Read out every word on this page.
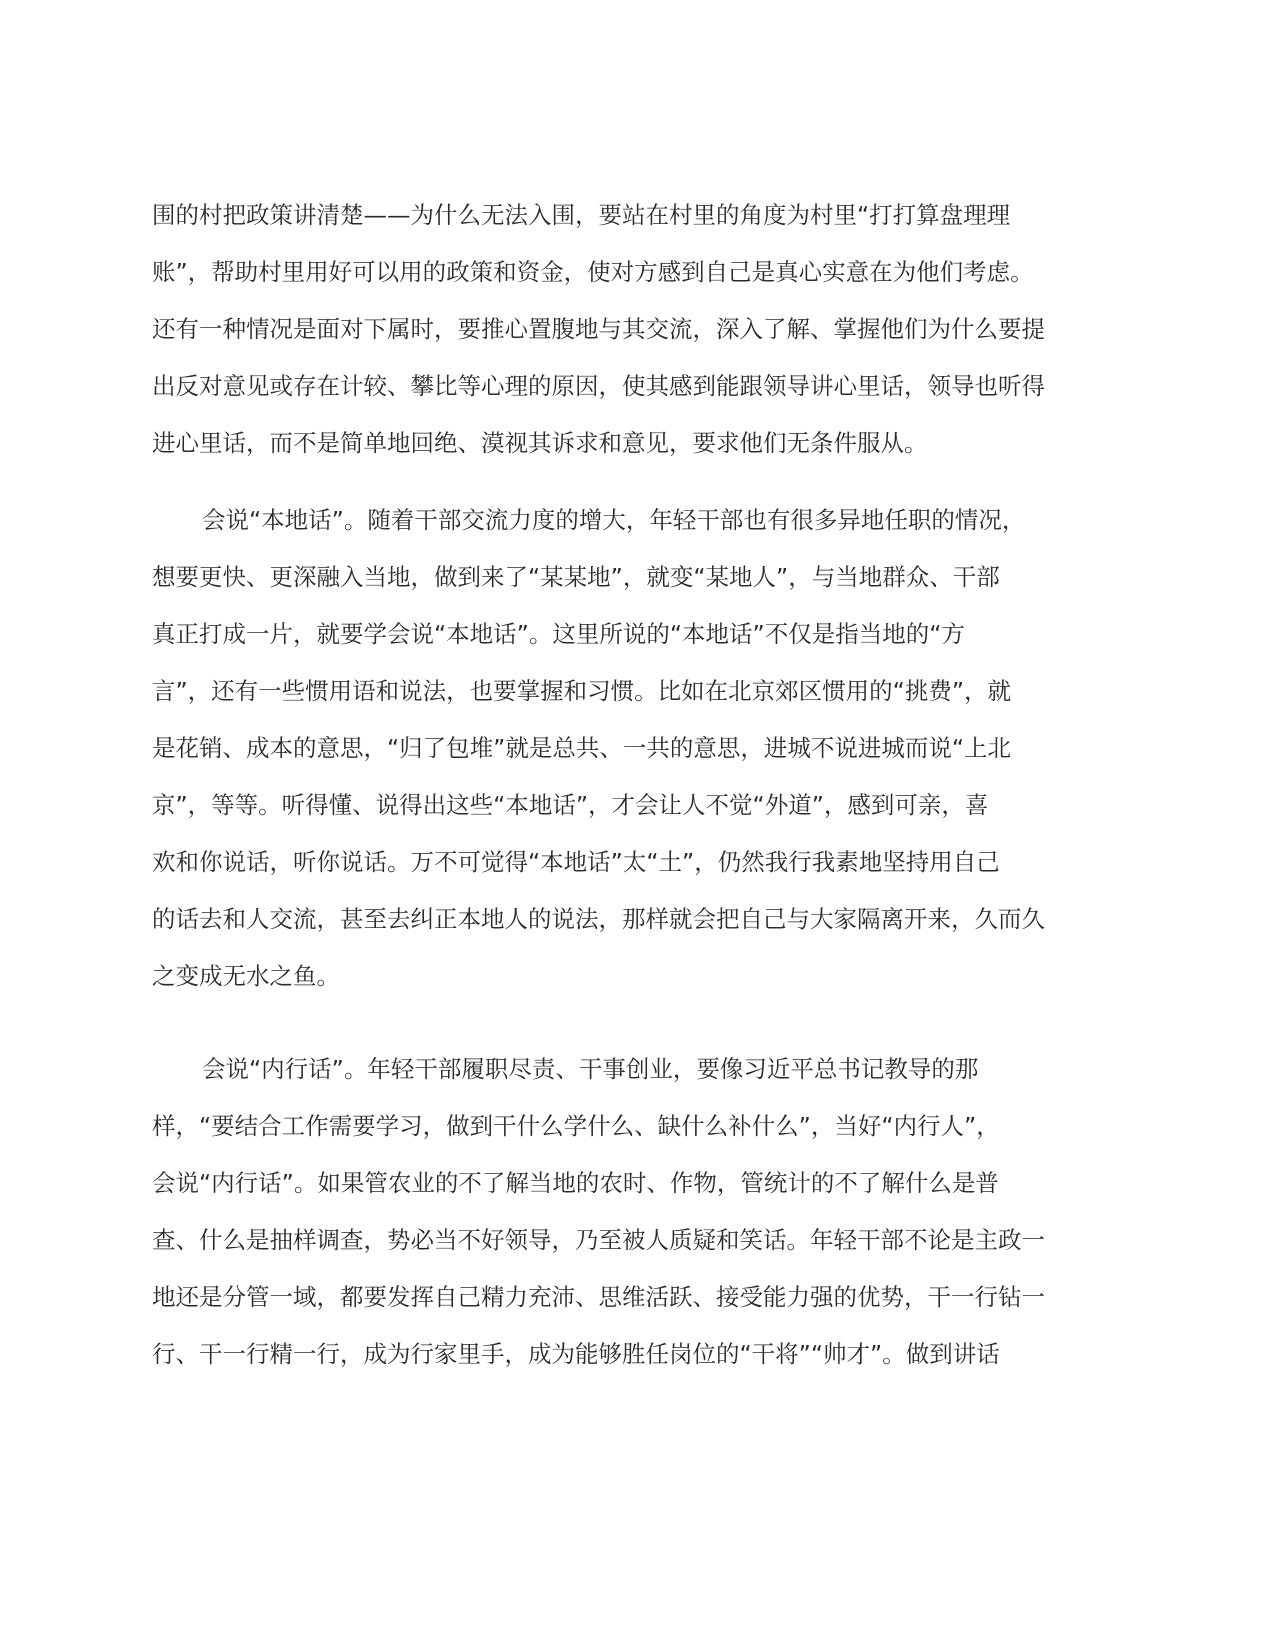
围的村把政策讲清楚——为什么无法入围，要站在村里的角度为村里“打打算盘理理
账”，帮助村里用好可以用的政策和资金，使对方感到自己是真心实意在为他们考虑。
还有一种情况是面对下属时，要推心置腹地与其交流，深入了解、掌握他们为什么要提
出反对意见或存在计较、攀比等心理的原因，使其感到能跟领导讲心里话，领导也听得
进心里话，而不是简单地回绝、漠视其诉求和意见，要求他们无条件服从。
会说“本地话”。随着干部交流力度的增大，年轻干部也有很多异地任职的情况，
想要更快、更深融入当地，做到来了“某某地”，就变“某地人”，与当地群众、干部
真正打成一片，就要学会说“本地话”。这里所说的“本地话”不仅是指当地的“方
言”，还有一些惯用语和说法，也要掌握和习惯。比如在北京郊区惯用的“挑费”，就
是花销、成本的意思，“归了包堆”就是总共、一共的意思，进城不说进城而说“上北
京”，等等。听得懂、说得出这些“本地话”，才会让人不觉“外道”，感到可亲，喜
欢和你说话，听你说话。万不可觉得“本地话”太“土”，仍然我行我素地坚持用自己
的话去和人交流，甚至去纠正本地人的说法，那样就会把自己与大家隔离开来，久而久
之变成无水之鱼。
会说“内行话”。年轻干部履职尽责、干事创业，要像习近平总书记教导的那
样，“要结合工作需要学习，做到干什么学什么、缺什么补什么”，当好“内行人”，
会说“内行话”。如果管农业的不了解当地的农时、作物，管统计的不了解什么是普
查、什么是抽样调查，势必当不好领导，乃至被人质疑和笑话。年轻干部不论是主政一
地还是分管一域，都要发挥自己精力充沛、思维活跃、接受能力强的优势，干一行钻一
行、干一行精一行，成为行家里手，成为能够胜任岗位的“干将”“帅才”。做到讲话
